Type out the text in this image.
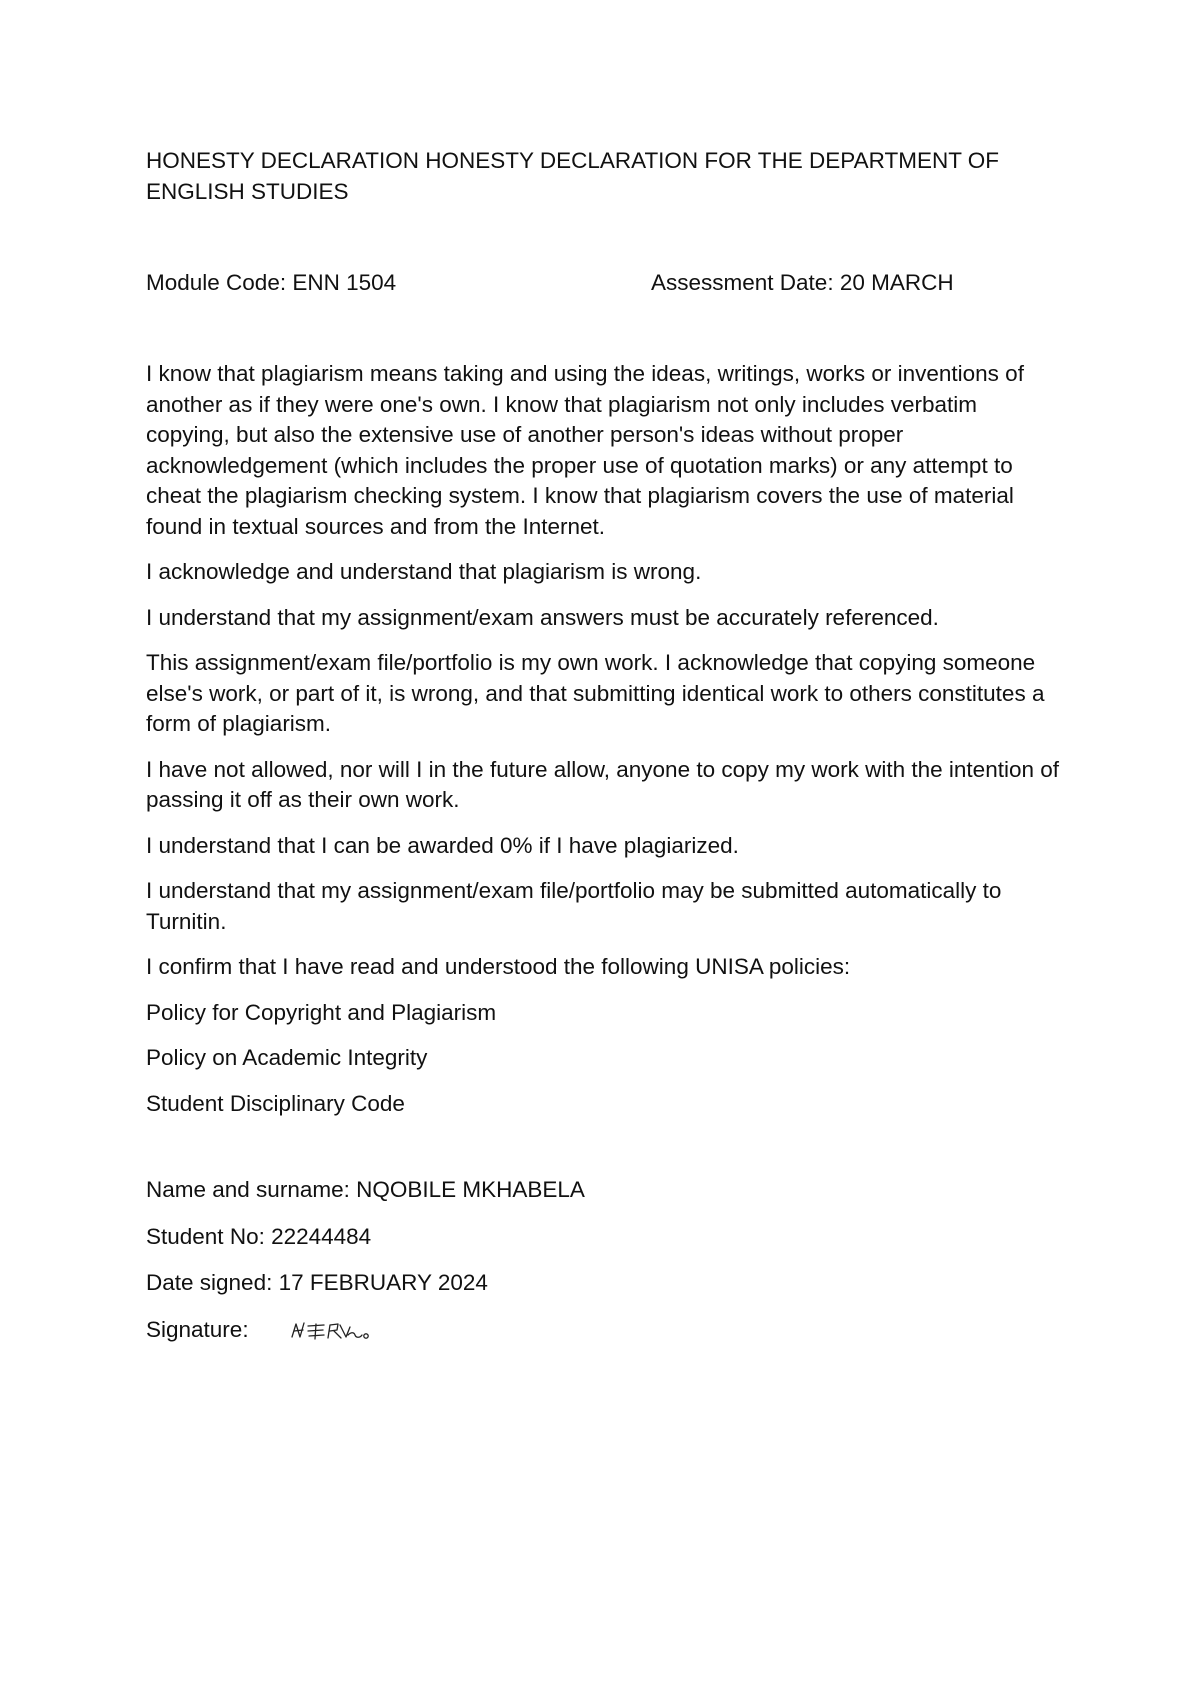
HONESTY DECLARATION HONESTY DECLARATION FOR THE DEPARTMENT OF ENGLISH STUDIES
Module Code: ENN 1504	Assessment Date: 20 MARCH

I know that plagiarism means taking and using the ideas, writings, works or inventions of another as if they were one's own. I know that plagiarism not only includes verbatim copying, but also the extensive use of another person's ideas without proper acknowledgement (which includes the proper use of quotation marks) or any attempt to cheat the plagiarism checking system. I know that plagiarism covers the use of material found in textual sources and from the Internet.

I acknowledge and understand that plagiarism is wrong.

I understand that my assignment/exam answers must be accurately referenced.

This assignment/exam file/portfolio is my own work. I acknowledge that copying someone else's work, or part of it, is wrong, and that submitting identical work to others constitutes a form of plagiarism.

I have not allowed, nor will I in the future allow, anyone to copy my work with the intention of passing it off as their own work.

I understand that I can be awarded 0% if I have plagiarized.

I understand that my assignment/exam file/portfolio may be submitted automatically to Turnitin.

I confirm that I have read and understood the following UNISA policies:

Policy for Copyright and Plagiarism

Policy on Academic Integrity

Student Disciplinary Code

Name and surname: NQOBILE MKHABELA

Student No: 22244484

Date signed: 17 FEBRUARY 2024

Signature:
